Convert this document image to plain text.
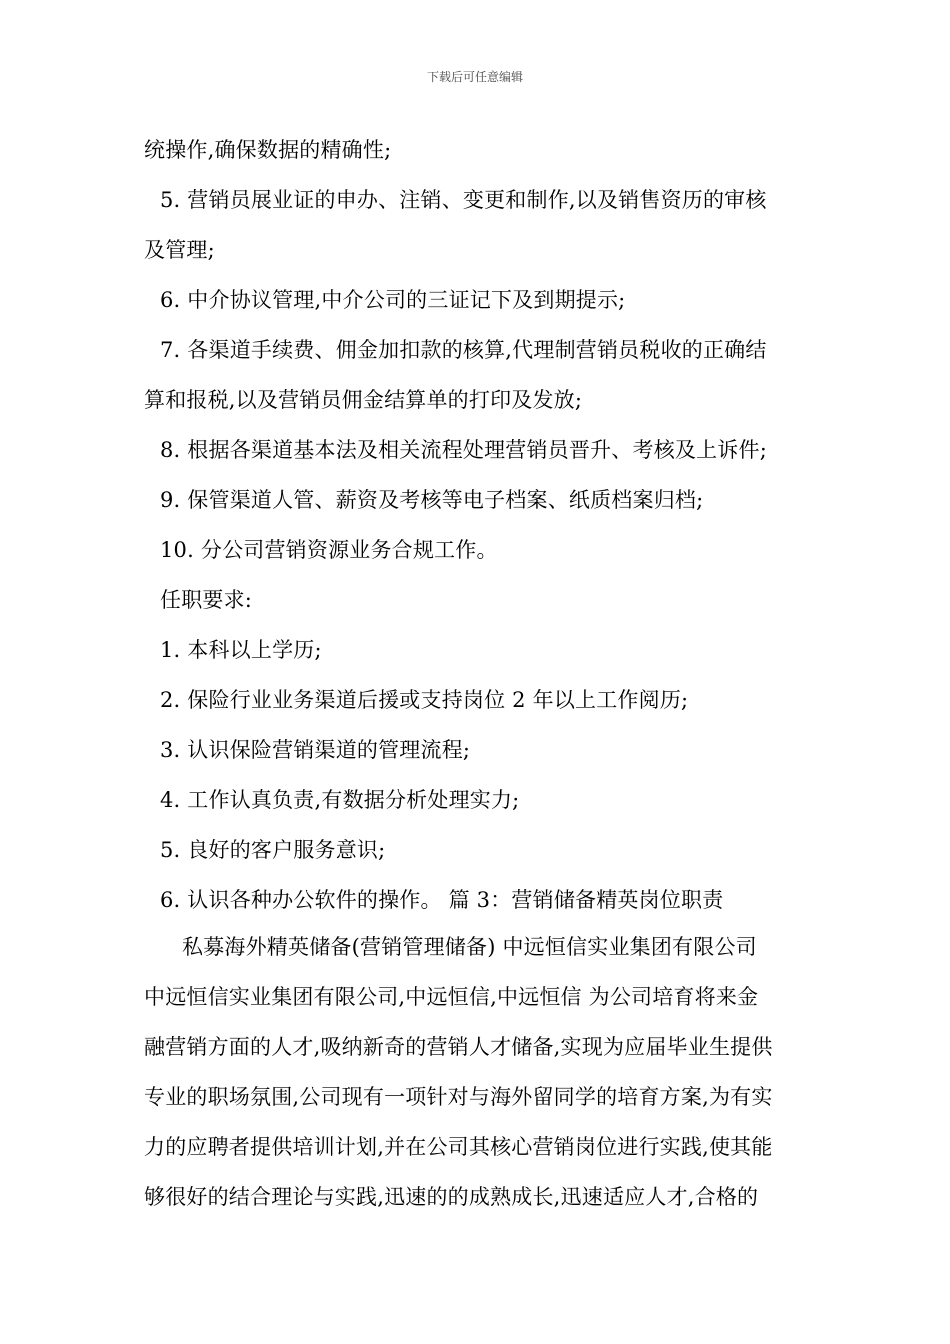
下载后可任意编辑
统操作,确保数据的精确性;
5. 营销员展业证的申办、注销、变更和制作,以及销售资历的审核
及管理;
6. 中介协议管理,中介公司的三证记下及到期提示;
7. 各渠道手续费、佣金加扣款的核算,代理制营销员税收的正确结
算和报税,以及营销员佣金结算单的打印及发放;
8. 根据各渠道基本法及相关流程处理营销员晋升、考核及上诉件;
9. 保管渠道人管、薪资及考核等电子档案、纸质档案归档;
10. 分公司营销资源业务合规工作。
任职要求:
1. 本科以上学历;
2. 保险行业业务渠道后援或支持岗位 2 年以上工作阅历;
3. 认识保险营销渠道的管理流程;
4. 工作认真负责,有数据分析处理实力;
5. 良好的客户服务意识;
6. 认识各种办公软件的操作。 篇 3：营销储备精英岗位职责
私募海外精英储备(营销管理储备) 中远恒信实业集团有限公司
中远恒信实业集团有限公司,中远恒信,中远恒信 为公司培育将来金
融营销方面的人才,吸纳新奇的营销人才储备,实现为应届毕业生提供
专业的职场氛围,公司现有一项针对与海外留同学的培育方案,为有实
力的应聘者提供培训计划,并在公司其核心营销岗位进行实践,使其能
够很好的结合理论与实践,迅速的的成熟成长,迅速适应人才,合格的
